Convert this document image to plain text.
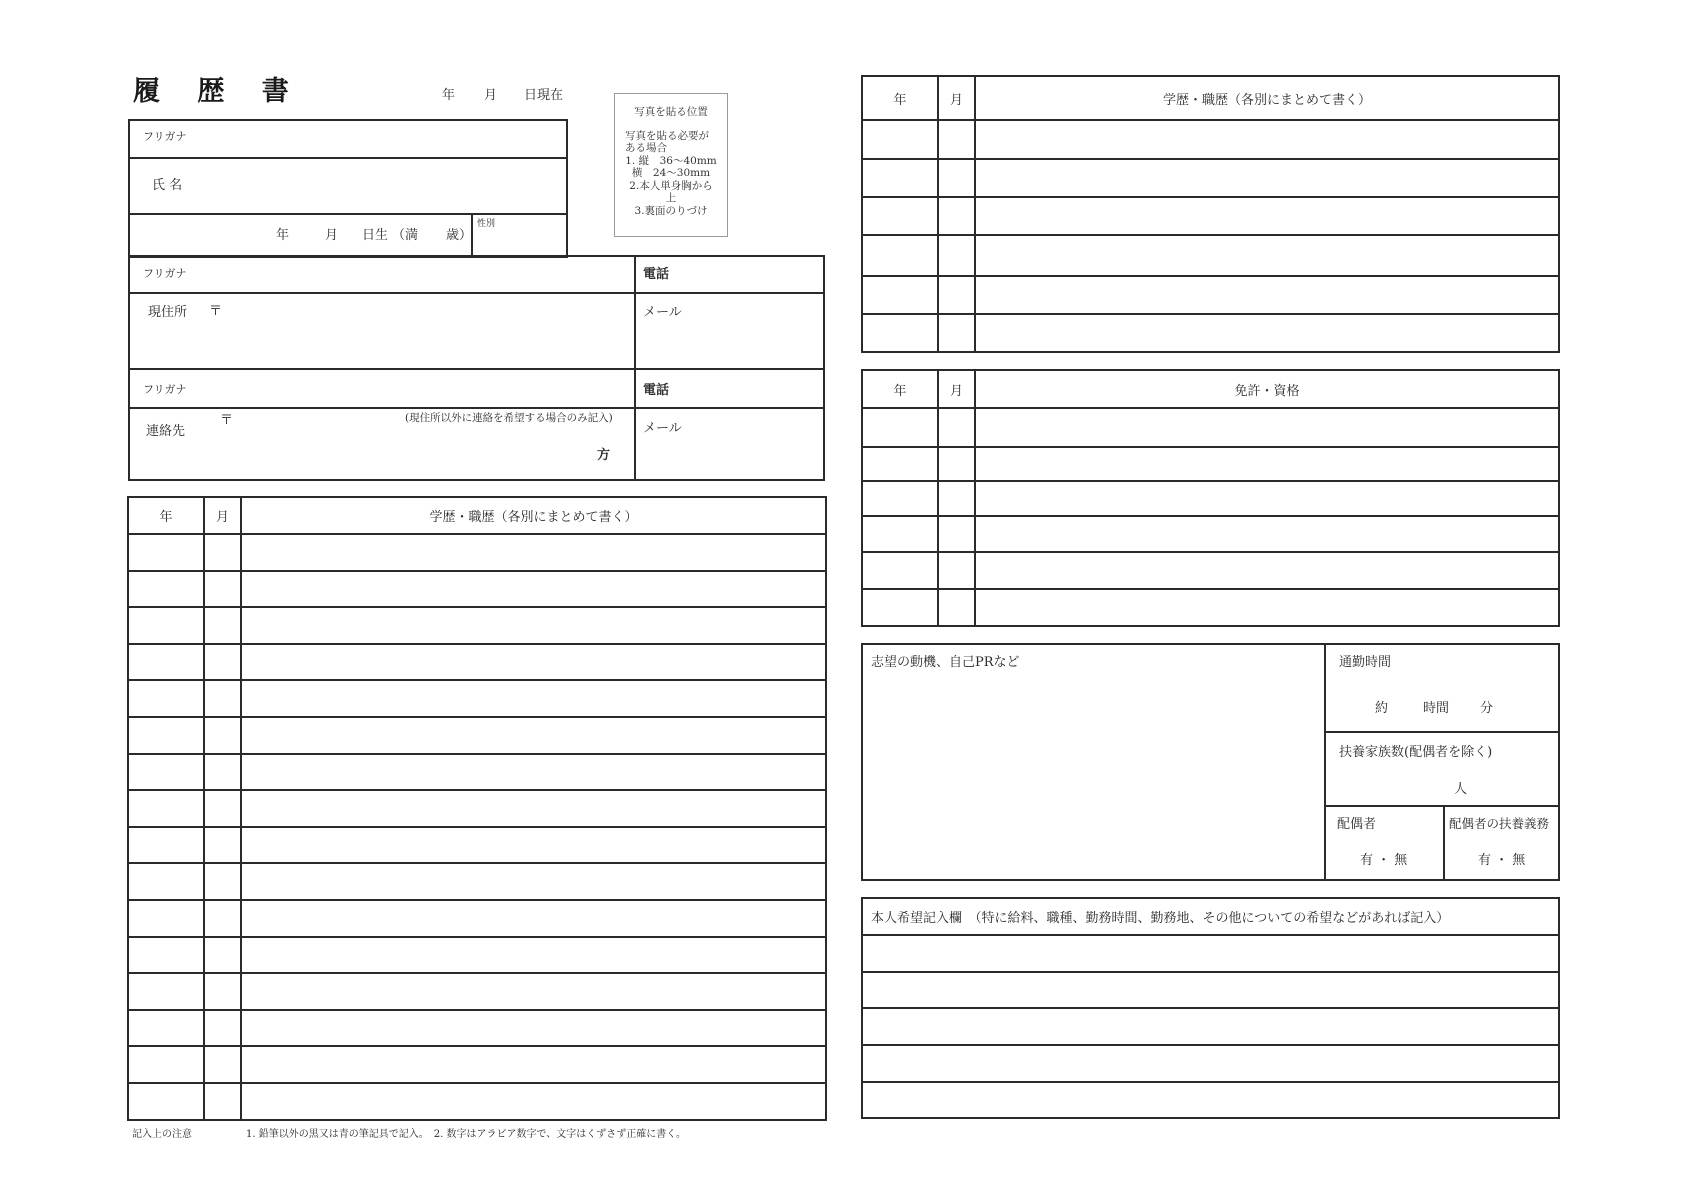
履 歴 書	年 月 日現在
写真を貼る位置
写真を貼る必要が
ある場合
1. 縦　36～40mm
横　24～30mm
2.本人単身胸から
上
3.裏面のりづけ
フリガナ
氏 名
年	月 日生 （満 歳）
性別
フリガナ
現住所 〒
電話
メール
フリガナ
連絡先
〒	(現住所以外に連絡を希望する場合のみ記入)
方
電話
メール
年	月	学歴・職歴（各別にまとめて書く）

記入上の注意	1. 鉛筆以外の黒又は青の筆記具で記入。　2. 数字はアラビア数字で、文字はくずさず正確に書く。
年	月	学歴・職歴（各別にまとめて書く）

年	月	免許・資格

志望の動機、自己PRなど	通勤時間
約	時間 分
扶養家族数(配偶者を除く)
人
配偶者
有 ・ 無
配偶者の扶養義務
有 ・ 無
本人希望記入欄　（特に給料、職種、勤務時間、勤務地、その他についての希望などがあれば記入）
